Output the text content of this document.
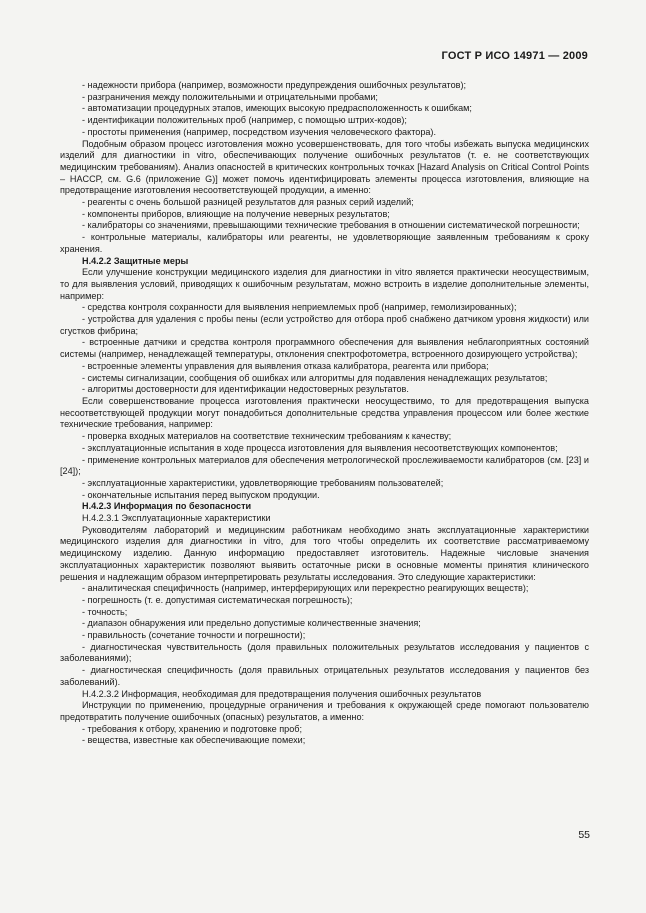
ГОСТ Р ИСО 14971 — 2009

- надежности прибора (например, возможности предупреждения ошибочных результатов);

- разграничения между положительными и отрицательными пробами;

- автоматизации процедурных этапов, имеющих высокую предрасположенность к ошибкам;

- идентификации положительных проб (например, с помощью штрих-кодов);

- простоты применения (например, посредством изучения человеческого фактора).

Подобным образом процесс изготовления можно усовершенствовать, для того чтобы избежать выпуска медицинских изделий для диагностики in vitro, обеспечивающих получение ошибочных результатов (т. е. не соответствующих медицинским требованиям). Анализ опасностей в критических контрольных точках [Hazard Analysis on Critical Control Points – HACCP, см. G.6 (приложение G)] может помочь идентифицировать элементы процесса изготовления, влияющие на предотвращение изготовления несоответствующей продукции, а именно:

- реагенты с очень большой разницей результатов для разных серий изделий;

- компоненты приборов, влияющие на получение неверных результатов;

- калибраторы со значениями, превышающими технические требования в отношении систематической погрешности;

- контрольные материалы, калибраторы или реагенты, не удовлетворяющие заявленным требованиям к сроку хранения.

Н.4.2.2 Защитные меры

Если улучшение конструкции медицинского изделия для диагностики in vitro является практически неосуществимым, то для выявления условий, приводящих к ошибочным результатам, можно встроить в изделие дополнительные элементы, например:

- средства контроля сохранности для выявления неприемлемых проб (например, гемолизированных);

- устройства для удаления с пробы пены (если устройство для отбора проб снабжено датчиком уровня жидкости) или сгустков фибрина;

- встроенные датчики и средства контроля программного обеспечения для выявления неблагоприятных состояний системы (например, ненадлежащей температуры, отклонения спектрофотометра, встроенного дозирующего устройства);

- встроенные элементы управления для выявления отказа калибратора, реагента или прибора;

- системы сигнализации, сообщения об ошибках или алгоритмы для подавления ненадлежащих результатов;

- алгоритмы достоверности для идентификации недостоверных результатов.

Если совершенствование процесса изготовления практически неосуществимо, то для предотвращения выпуска несоответствующей продукции могут понадобиться дополнительные средства управления процессом или более жесткие технические требования, например:

- проверка входных материалов на соответствие техническим требованиям к качеству;

- эксплуатационные испытания в ходе процесса изготовления для выявления несоответствующих компонентов;

- применение контрольных материалов для обеспечения метрологической прослеживаемости калибраторов (см. [23] и [24]);

- эксплуатационные характеристики, удовлетворяющие требованиям пользователей;

- окончательные испытания перед выпуском продукции.

Н.4.2.3 Информация по безопасности

Н.4.2.3.1 Эксплуатационные характеристики

Руководителям лабораторий и медицинским работникам необходимо знать эксплуатационные характеристики медицинского изделия для диагностики in vitro, для того чтобы определить их соответствие рассматриваемому медицинскому изделию. Данную информацию предоставляет изготовитель. Надежные числовые значения эксплуатационных характеристик позволяют выявить остаточные риски в основные моменты принятия клинического решения и надлежащим образом интерпретировать результаты исследования. Это следующие характеристики:

- аналитическая специфичность (например, интерферирующих или перекрестно реагирующих веществ);

- погрешность (т. е. допустимая систематическая погрешность);

- точность;

- диапазон обнаружения или предельно допустимые количественные значения;

- правильность (сочетание точности и погрешности);

- диагностическая чувствительность (доля правильных положительных результатов исследования у пациентов с заболеваниями);

- диагностическая специфичность (доля правильных отрицательных результатов исследования у пациентов без заболеваний).

Н.4.2.3.2 Информация, необходимая для предотвращения получения ошибочных результатов

Инструкции по применению, процедурные ограничения и требования к окружающей среде помогают пользователю предотвратить получение ошибочных (опасных) результатов, а именно:

- требования к отбору, хранению и подготовке проб;

- вещества, известные как обеспечивающие помехи;

55
